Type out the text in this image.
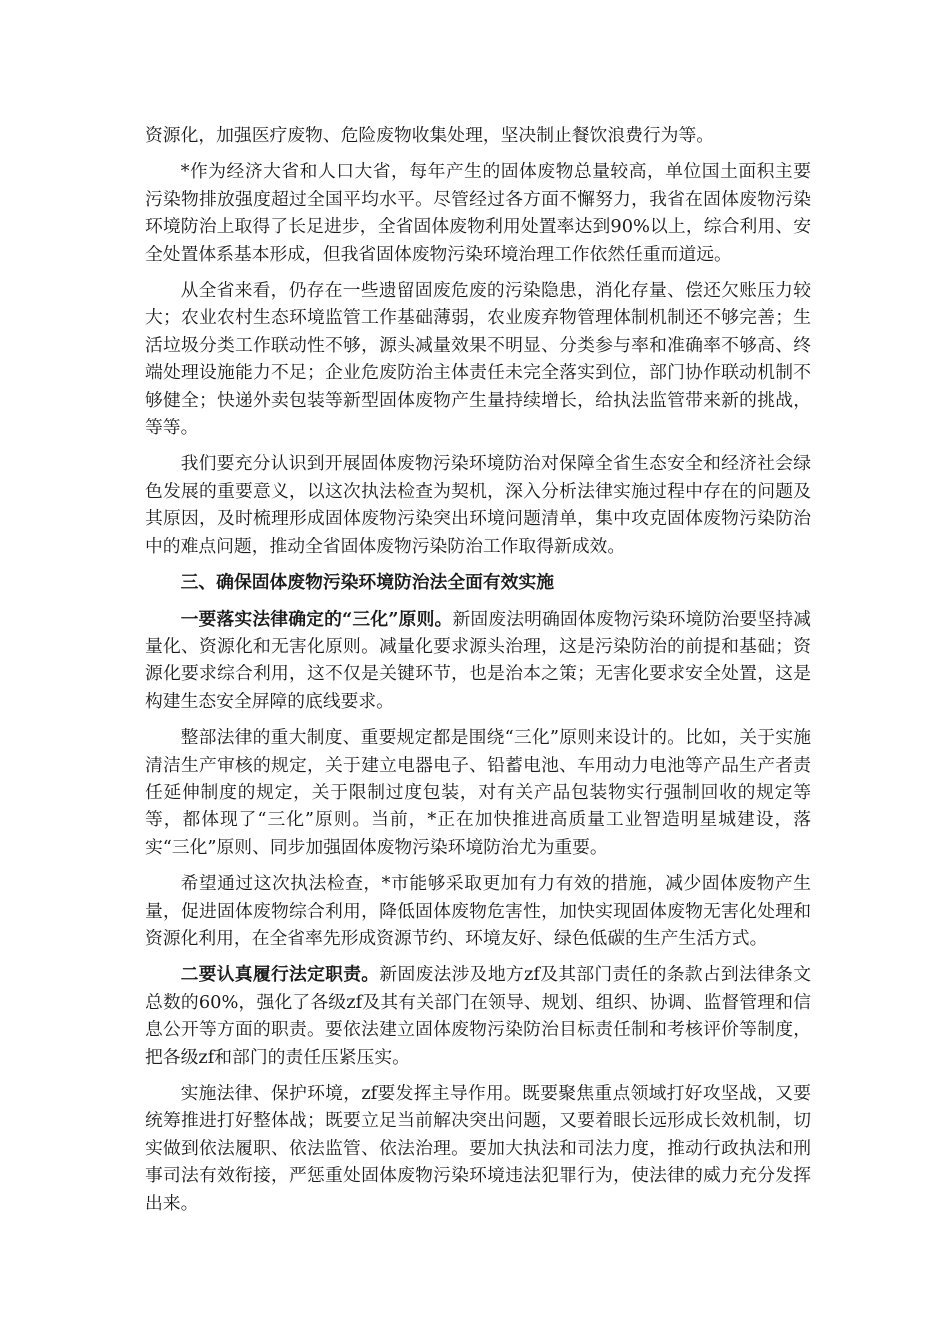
资源化，加强医疗废物、危险废物收集处理，坚决制止餐饮浪费行为等。

*作为经济大省和人口大省，每年产生的固体废物总量较高，单位国土面积主要污染物排放强度超过全国平均水平。尽管经过各方面不懈努力，我省在固体废物污染环境防治上取得了长足进步，全省固体废物利用处置率达到90%以上，综合利用、安全处置体系基本形成，但我省固体废物污染环境治理工作依然任重而道远。

从全省来看，仍存在一些遗留固废危废的污染隐患，消化存量、偿还欠账压力较大；农业农村生态环境监管工作基础薄弱，农业废弃物管理体制机制还不够完善；生活垃圾分类工作联动性不够，源头减量效果不明显、分类参与率和准确率不够高、终端处理设施能力不足；企业危废防治主体责任未完全落实到位，部门协作联动机制不够健全；快递外卖包装等新型固体废物产生量持续增长，给执法监管带来新的挑战，等等。

我们要充分认识到开展固体废物污染环境防治对保障全省生态安全和经济社会绿色发展的重要意义，以这次执法检查为契机，深入分析法律实施过程中存在的问题及其原因，及时梳理形成固体废物污染突出环境问题清单，集中攻克固体废物污染防治中的难点问题，推动全省固体废物污染防治工作取得新成效。

三、确保固体废物污染环境防治法全面有效实施

一要落实法律确定的“三化”原则。新固废法明确固体废物污染环境防治要坚持减量化、资源化和无害化原则。减量化要求源头治理，这是污染防治的前提和基础；资源化要求综合利用，这不仅是关键环节，也是治本之策；无害化要求安全处置，这是构建生态安全屏障的底线要求。

整部法律的重大制度、重要规定都是围绕“三化”原则来设计的。比如，关于实施清洁生产审核的规定，关于建立电器电子、铅蓄电池、车用动力电池等产品生产者责任延伸制度的规定，关于限制过度包装，对有关产品包装物实行强制回收的规定等等，都体现了“三化”原则。当前，*正在加快推进高质量工业智造明星城建设，落实“三化”原则、同步加强固体废物污染环境防治尤为重要。

希望通过这次执法检查，*市能够采取更加有力有效的措施，减少固体废物产生量，促进固体废物综合利用，降低固体废物危害性，加快实现固体废物无害化处理和资源化利用，在全省率先形成资源节约、环境友好、绿色低碳的生产生活方式。

二要认真履行法定职责。新固废法涉及地方zf及其部门责任的条款占到法律条文总数的60%，强化了各级zf及其有关部门在领导、规划、组织、协调、监督管理和信息公开等方面的职责。要依法建立固体废物污染防治目标责任制和考核评价等制度，把各级zf和部门的责任压紧压实。

实施法律、保护环境，zf要发挥主导作用。既要聚焦重点领域打好攻坚战，又要统筹推进打好整体战；既要立足当前解决突出问题，又要着眼长远形成长效机制，切实做到依法履职、依法监管、依法治理。要加大执法和司法力度，推动行政执法和刑事司法有效衔接，严惩重处固体废物污染环境违法犯罪行为，使法律的威力充分发挥出来。
